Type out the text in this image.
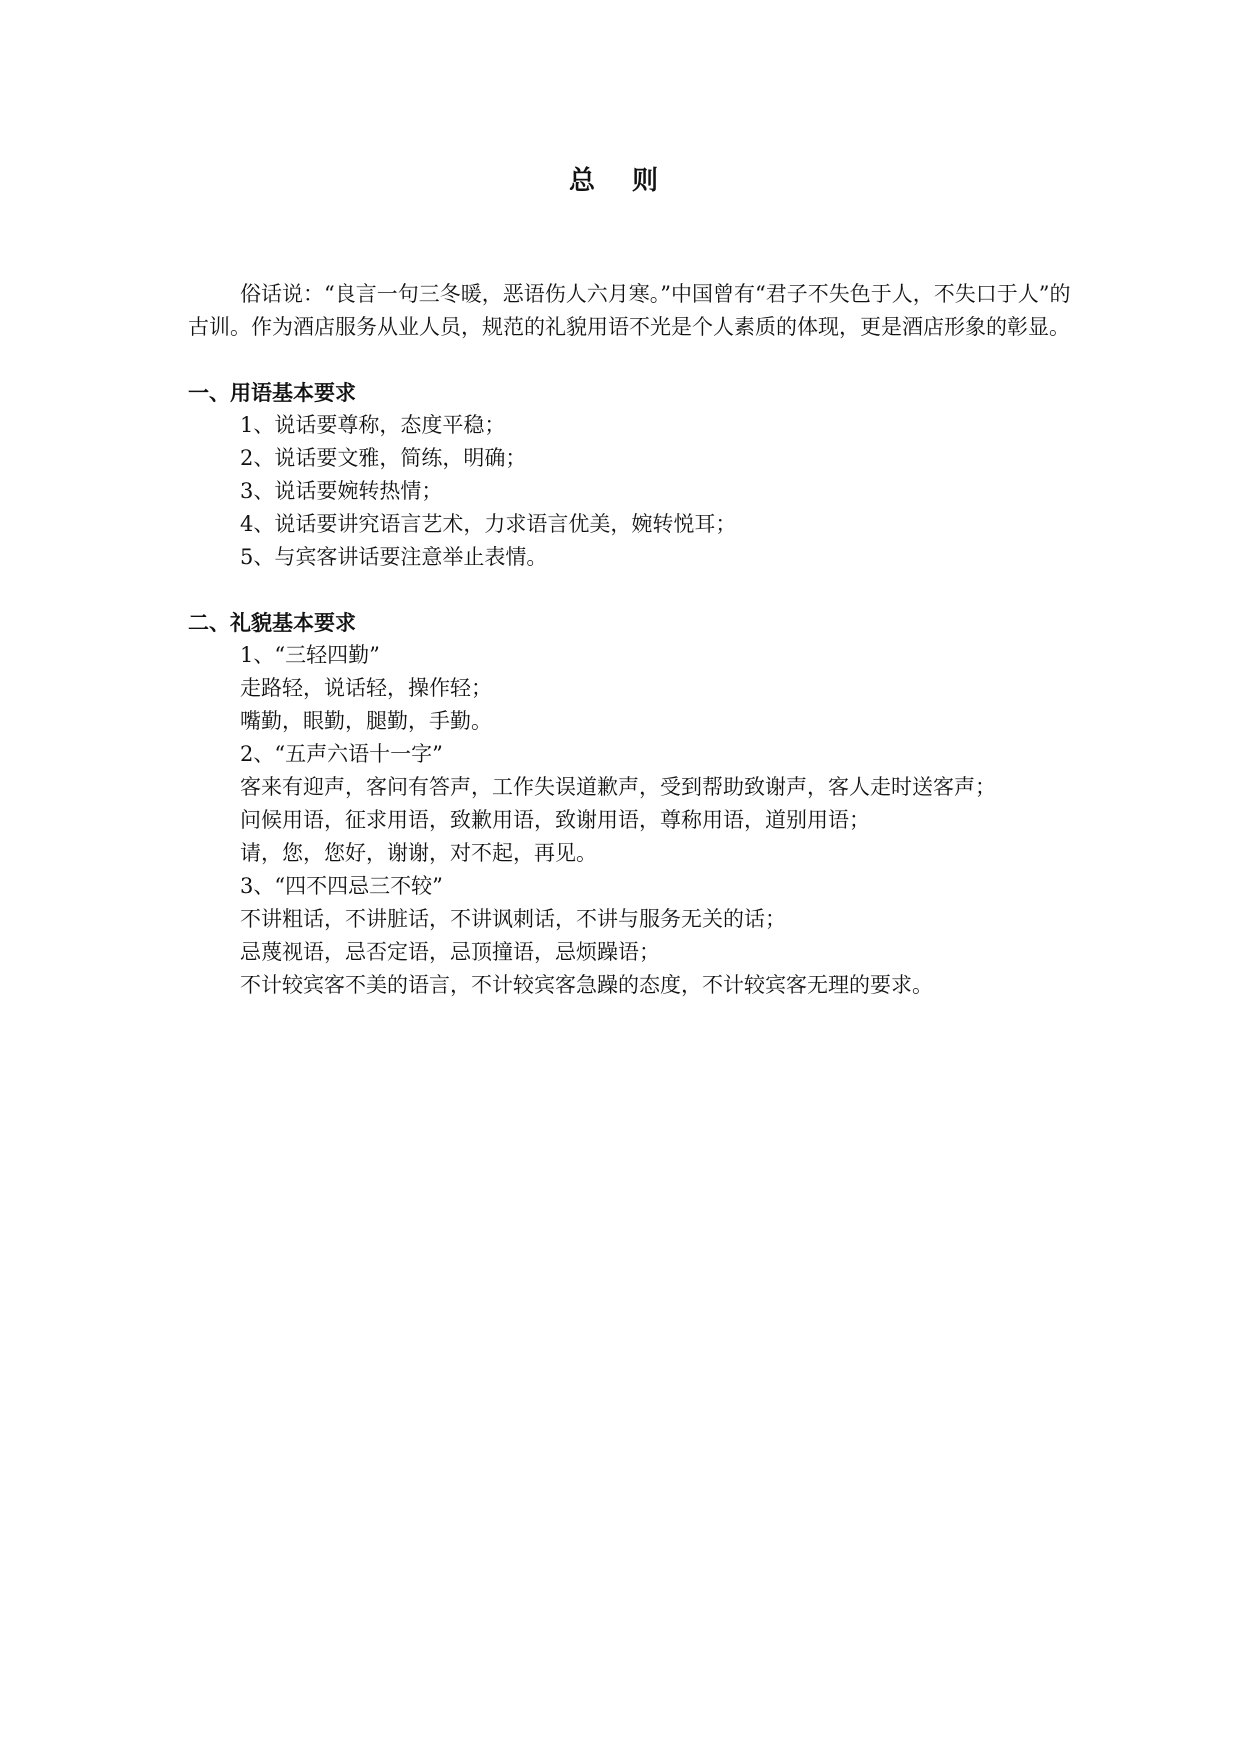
总 则

俗话说：“良言一句三冬暖，恶语伤人六月寒。”中国曾有“君子不失色于人，不失口于人”的古训。作为酒店服务从业人员，规范的礼貌用语不光是个人素质的体现，更是酒店形象的彰显。

一、用语基本要求

1、说话要尊称，态度平稳；

2、说话要文雅，简练，明确；

3、说话要婉转热情；

4、说话要讲究语言艺术，力求语言优美，婉转悦耳；

5、与宾客讲话要注意举止表情。

二、礼貌基本要求

1、“三轻四勤”

走路轻，说话轻，操作轻；

嘴勤，眼勤，腿勤，手勤。

2、“五声六语十一字”

客来有迎声，客问有答声，工作失误道歉声，受到帮助致谢声，客人走时送客声；

问候用语，征求用语，致歉用语，致谢用语，尊称用语，道别用语；

请，您，您好，谢谢，对不起，再见。

3、“四不四忌三不较”

不讲粗话，不讲脏话，不讲讽刺话，不讲与服务无关的话；

忌蔑视语，忌否定语，忌顶撞语，忌烦躁语；

不计较宾客不美的语言，不计较宾客急躁的态度，不计较宾客无理的要求。
